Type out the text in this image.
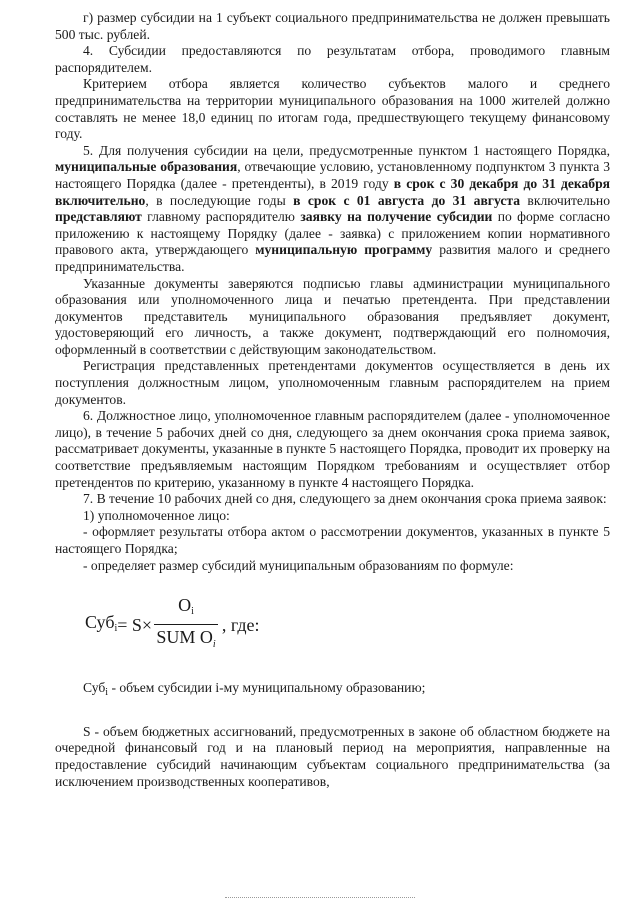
г) размер субсидии на 1 субъект социального предпринимательства не должен превышать 500 тыс. рублей.

4. Субсидии предоставляются по результатам отбора, проводимого главным распорядителем.

Критерием отбора является количество субъектов малого и среднего предпринимательства на территории муниципального образования на 1000 жителей должно составлять не менее 18,0 единиц по итогам года, предшествующего текущему финансовому году.

5. Для получения субсидии на цели, предусмотренные пунктом 1 настоящего Порядка, муниципальные образования, отвечающие условию, установленному подпунктом 3 пункта 3 настоящего Порядка (далее - претенденты), в 2019 году в срок с 30 декабря до 31 декабря включительно, в последующие годы в срок с 01 августа до 31 августа включительно представляют главному распорядителю заявку на получение субсидии по форме согласно приложению к настоящему Порядку (далее - заявка) с приложением копии нормативного правового акта, утверждающего муниципальную программу развития малого и среднего предпринимательства.

Указанные документы заверяются подписью главы администрации муниципального образования или уполномоченного лица и печатью претендента. При представлении документов представитель муниципального образования предъявляет документ, удостоверяющий его личность, а также документ, подтверждающий его полномочия, оформленный в соответствии с действующим законодательством.

Регистрация представленных претендентами документов осуществляется в день их поступления должностным лицом, уполномоченным главным распорядителем на прием документов.

6. Должностное лицо, уполномоченное главным распорядителем (далее - уполномоченное лицо), в течение 5 рабочих дней со дня, следующего за днем окончания срока приема заявок, рассматривает документы, указанные в пункте 5 настоящего Порядка, проводит их проверку на соответствие предъявляемым настоящим Порядком требованиям и осуществляет отбор претендентов по критерию, указанному в пункте 4 настоящего Порядка.

7. В течение 10 рабочих дней со дня, следующего за днем окончания срока приема заявок:

1) уполномоченное лицо:

- оформляет результаты отбора актом о рассмотрении документов, указанных в пункте 5 настоящего Порядка;

- определяет размер субсидий муниципальным образованиям по формуле:

$Суб_i = S\times \frac{O_i}{SUM O_i}$ , где:

Суб$_i$ - объем субсидии i-му муниципальному образованию;

S - объем бюджетных ассигнований, предусмотренных в законе об областном бюджете на очередной финансовый год и на плановый период на мероприятия, направленные на предоставление субсидий начинающим субъектам социального предпринимательства (за исключением производственных кооперативов,
